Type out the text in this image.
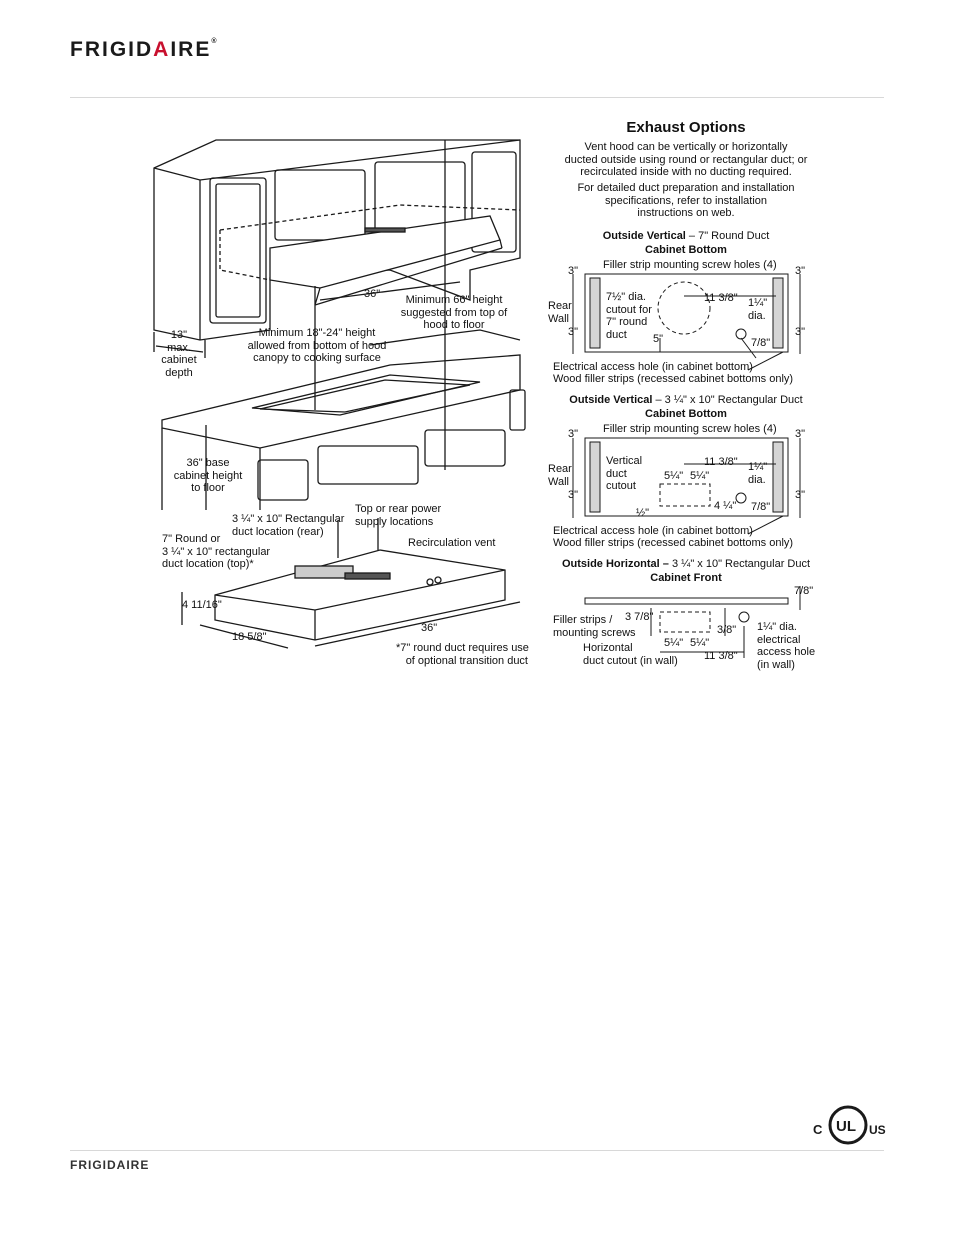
FRIGIDAIRE®
36"	Minimum 66" height
suggested from top of
hood to floor
13"
max.
cabinet
depth
Minimum 18"-24" height
allowed from bottom of hood
canopy to cooking surface
36" base
cabinet height
to floor
Top or rear power
supply locations
3 ¼" x 10" Rectangular
duct location (rear)
7" Round or
3 ¼" x 10" rectangular
duct location (top)*
Recirculation vent
4 11/16"
18 5/8"
36"
*7" round duct requires use
of optional transition duct
Exhaust Options
Vent hood can be vertically or horizontally
ducted outside using round or rectangular duct; or
recirculated inside with no ducting required.
For detailed duct preparation and installation
specifications, refer to installation
instructions on web.
Outside Vertical – 7" Round Duct
Cabinet Bottom
Filler strip mounting screw holes (4)
3"	3"
3"	3"
Rear
Wall
7½" dia.
cutout for
7" round
duct
11 3/8" 1¼"
dia.
5"	7/8"
Electrical access hole (in cabinet bottom)
Wood filler strips (recessed cabinet bottoms only)
Outside Vertical – 3 ¼" x 10" Rectangular Duct
Cabinet Bottom
Filler strip mounting screw holes (4)
3"	3"
3"	3"
Rear
Wall
Vertical
duct
cutout
11 3/8"
5¼" 5¼"
1¼"
dia.
½"
4 ¼" 7/8"
Electrical access hole (in cabinet bottom)
Wood filler strips (recessed cabinet bottoms only)
Outside Horizontal – 3 ¼" x 10" Rectangular Duct
Cabinet Front
7/8"
Filler strips /
mounting screws
3 7/8"
3/8"
Horizontal
duct cutout (in wall)
5¼" 5¼"
11 3/8"
1¼" dia.
electrical
access hole
(in wall)
C UL US
FRIGIDAIRE
